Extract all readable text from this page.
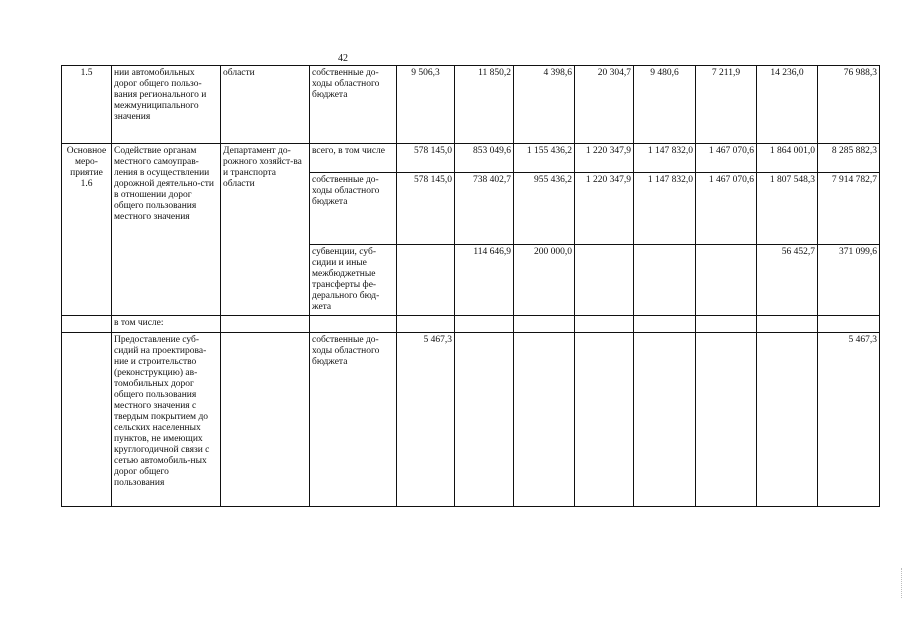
42
1.5	нии автомобильных дорог общего пользо-вания регионального и межмуниципального значения	области	собственные до-ходы областного бюджета	9 506,3	11 850,2	4 398,6	20 304,7	9 480,6	7 211,9	14 236,0	76 988,3
Основное меро-приятие 1.6	Содействие органам местного самоуправ-ления в осуществлении дорожной деятельно-сти в отношении дорог общего пользования местного значения	Департамент до-рожного хозяйст-ва и транспорта области	всего, в том числе	578 145,0	853 049,6	1 155 436,2	1 220 347,9	1 147 832,0	1 467 070,6	1 864 001,0	8 285 882,3
			собственные до-ходы областного бюджета	578 145,0	738 402,7	955 436,2	1 220 347,9	1 147 832,0	1 467 070,6	1 807 548,3	7 914 782,7
			субвенции, суб-сидии и иные межбюджетные трансферты фе-дерального бюд-жета		114 646,9	200 000,0				56 452,7	371 099,6
	в том числе:										
	Предоставление суб-сидий на проектирова-ние и строительство (реконструкцию) ав-томобильных дорог общего пользования местного значения с твердым покрытием до сельских населенных пунктов, не имеющих круглогодичной связи с сетью автомобиль-ных дорог общего пользования		собственные до-ходы областного бюджета	5 467,3							5 467,3
